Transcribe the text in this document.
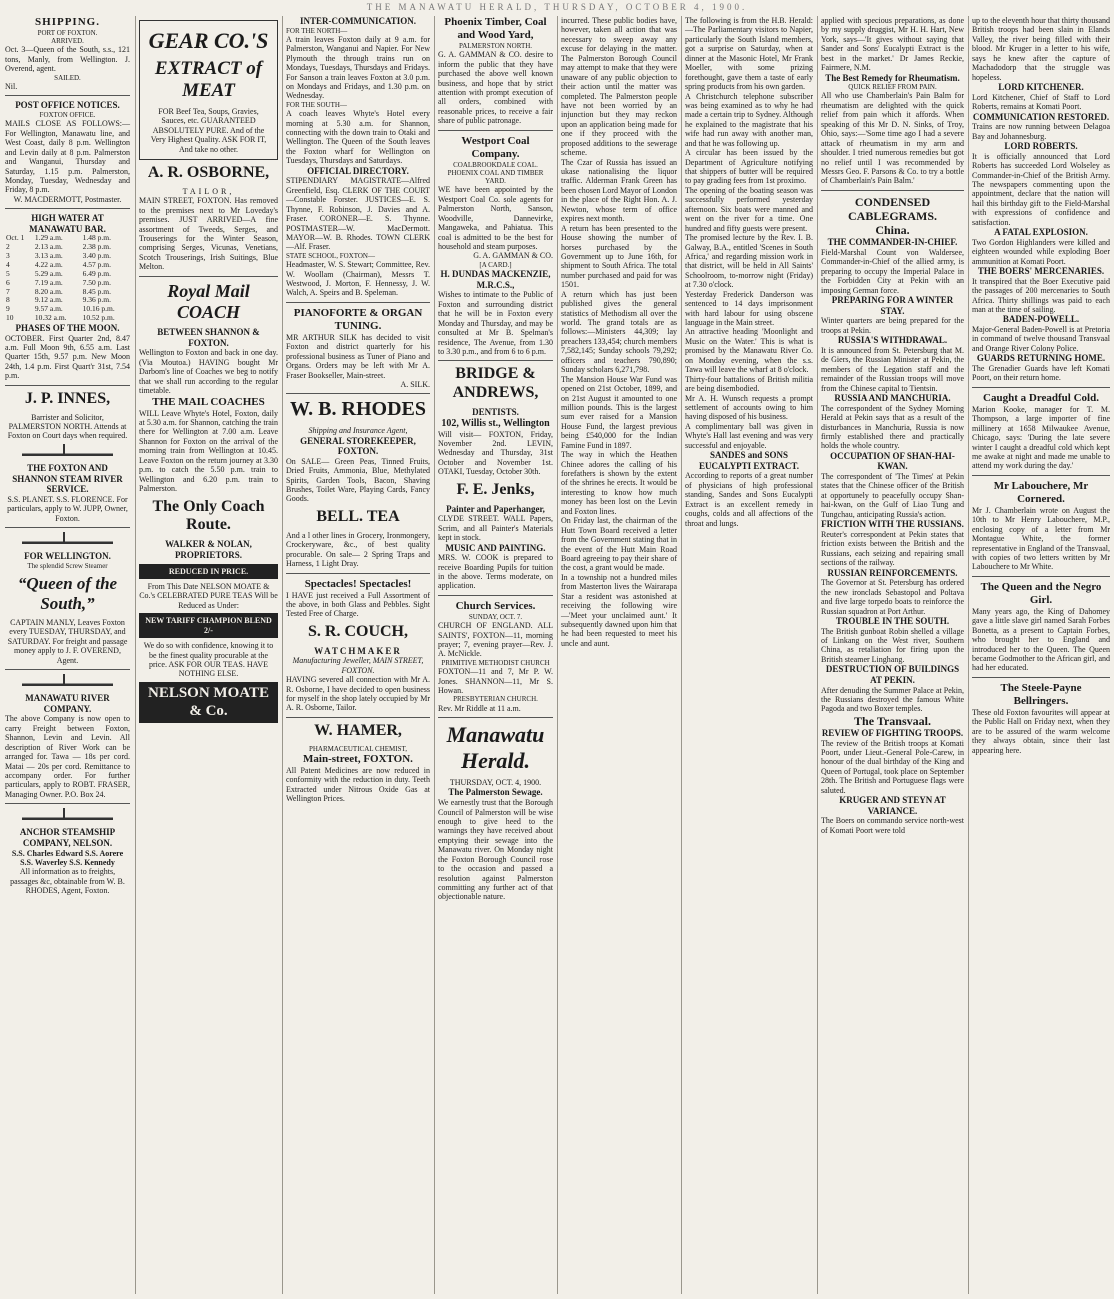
THE MANAWATU HERALD, THURSDAY, OCTOBER 4, 1900.
SHIPPING.
PORT OF FOXTON.
ARRIVED.

Oct. 3—Queen of the South, s.s., 121 tons, Manly, from Wellington. J. Overend, agent.

SAILED.

Nil.

POST OFFICE NOTICES.
FOXTON OFFICE.

MAILS CLOSE AS FOLLOWS:— For Wellington, Manawatu line, and West Coast, daily 8 p.m. Wellington and Levin daily at 8 p.m. Palmerston and Wanganui, Thursday and Saturday, 1.15 p.m. Palmerston, Monday, Tuesday, Wednesday and Friday, 8 p.m.

W. MACDERMOTT, Postmaster.

HIGH WATER AT MANAWATU BAR.
Oct. 1	1.29 a.m.	1.48 p.m.
2	2.13 a.m.	2.38 p.m.
3	3.13 a.m.	3.40 p.m.
4	4.22 a.m.	4.57 p.m.
5	5.29 a.m.	6.49 p.m.
6	7.19 a.m.	7.50 p.m.
7	8.20 a.m.	8.45 p.m.
8	9.12 a.m.	9.36 p.m.
9	9.57 a.m.	10.16 p.m.
10	10.32 a.m.	10.52 p.m.
PHASES OF THE MOON.

OCTOBER. First Quarter 2nd, 8.47 a.m. Full Moon 9th, 6.55 a.m. Last Quarter 15th, 9.57 p.m. New Moon 24th, 1.4 p.m. First Quart'r 31st, 7.54 p.m.

J. P. INNES,

Barrister and Solicitor, PALMERSTON NORTH. Attends at Foxton on Court days when required.

THE FOXTON AND SHANNON STEAM RIVER SERVICE.

S.S. PLANET. S.S. FLORENCE. For particulars, apply to W. JUPP, Owner, Foxton.

FOR WELLINGTON.
The splendid Screw Steamer
“Queen of the South,”

CAPTAIN MANLY, Leaves Foxton every TUESDAY, THURSDAY, and SATURDAY. For freight and passage money apply to J. F. OVEREND, Agent.

MANAWATU RIVER COMPANY.

The above Company is now open to carry Freight between Foxton, Shannon, Levin and Levin. All description of River Work can be arranged for. Tawa — 18s per cord. Matai — 20s per cord. Remittance to accompany order. For further particulars, apply to ROBT. FRASER, Managing Owner. P.O. Box 24.

ANCHOR STEAMSHIP COMPANY, NELSON.

S.S. Charles Edward S.S. Aorere S.S. Waverley S.S. Kennedy

All information as to freights, passages &c, obtainable from W. B. RHODES, Agent, Foxton.

GEAR CO.'S
EXTRACT of MEAT

FOR Beef Tea, Soups, Gravies, Sauces, etc. GUARANTEED ABSOLUTELY PURE. And of the Very Highest Quality. ASK FOR IT, And take no other.

A. R. OSBORNE,
TAILOR,

MAIN STREET, FOXTON. Has removed to the premises next to Mr Loveday's premises. JUST ARRIVED—A fine assortment of Tweeds, Serges, and Trouserings for the Winter Season, comprising Serges, Vicunas, Venetians, Scotch Trouserings, Irish Suitings, Blue Melton.

Royal Mail COACH
BETWEEN SHANNON & FOXTON.

Wellington to Foxton and back in one day. (Via Moutoa.) HAVING bought Mr Darbom's line of Coaches we beg to notify that we shall run according to the regular timetable.

THE MAIL COACHES

WILL Leave Whyte's Hotel, Foxton, daily at 5.30 a.m. for Shannon, catching the train there for Wellington at 7.00 a.m. Leave Shannon for Foxton on the arrival of the morning train from Wellington at 10.45. Leave Foxton on the return journey at 3.30 p.m. to catch the 5.50 p.m. train to Wellington and 6.20 p.m. train to Palmerston.

The Only Coach Route.
WALKER & NOLAN, PROPRIETORS.
REDUCED IN PRICE.

From This Date NELSON MOATE & Co.'s CELEBRATED PURE TEAS Will be Reduced as Under:

NEW TARIFF CHAMPION BLEND 2/-

We do so with confidence, knowing it to be the finest quality procurable at the price. ASK FOR OUR TEAS. HAVE NOTHING ELSE.

NELSON MOATE & Co.
INTER-COMMUNICATION.
FOR THE NORTH—

A train leaves Foxton daily at 9 a.m. for Palmerston, Wanganui and Napier. For New Plymouth the through trains run on Mondays, Tuesdays, Thursdays and Fridays. For Sanson a train leaves Foxton at 3.0 p.m. on Mondays and Fridays, and 1.30 p.m. on Wednesday.

FOR THE SOUTH—

A coach leaves Whyte's Hotel every morning at 5.30 a.m. for Shannon, connecting with the down train to Otaki and Wellington. The Queen of the South leaves the Foxton wharf for Wellington on Tuesdays, Thursdays and Saturdays.

OFFICIAL DIRECTORY.

STIPENDIARY MAGISTRATE—Alfred Greenfield, Esq. CLERK OF THE COURT—Constable Forster. JUSTICES—E. S. Thynne, F. Robinson, J. Davies and A. Fraser. CORONER—E. S. Thynne. POSTMASTER—W. MacDermott. MAYOR—W. B. Rhodes. TOWN CLERK—Alf. Fraser.

STATE SCHOOL, FOXTON—

Headmaster, W. S. Stewart; Committee, Rev. W. Woollam (Chairman), Messrs T. Westwood, J. Morton, F. Hennessy, J. W. Walch, A. Speirs and B. Speleman.

PIANOFORTE & ORGAN TUNING.

MR ARTHUR SILK has decided to visit Foxton and district quarterly for his professional business as Tuner of Piano and Organs. Orders may be left with Mr A. Fraser Bookseller, Main-street.

A. SILK.

W. B. RHODES
Shipping and Insurance Agent,
GENERAL STOREKEEPER, FOXTON.

On SALE— Green Peas, Tinned Fruits, Dried Fruits, Ammonia, Blue, Methylated Spirits, Garden Tools, Bacon, Shaving Brushes, Toilet Ware, Playing Cards, Fancy Goods.

BELL. TEA

And a l other lines in Grocery, Ironmongery, Crockeryware, &c., of best quality procurable. On sale— 2 Spring Traps and Harness, 1 Light Dray.

Spectacles! Spectacles!

I HAVE just received a Full Assortment of the above, in both Glass and Pebbles. Sight Tested Free of Charge.

S. R. COUCH,
WATCHMAKER
Manufacturing Jeweller, MAIN STREET, FOXTON.

HAVING severed all connection with Mr A. R. Osborne, I have decided to open business for myself in the shop lately occupied by Mr A. R. Osborne, Tailor.

W. HAMER,
PHARMACEUTICAL CHEMIST,
Main-street, FOXTON.

All Patent Medicines are now reduced in conformity with the reduction in duty. Teeth Extracted under Nitrous Oxide Gas at Wellington Prices.

Phoenix Timber, Coal and Wood Yard,
PALMERSTON NORTH.

G. A. GAMMAN & CO. desire to inform the public that they have purchased the above well known business, and hope that by strict attention with prompt execution of all orders, combined with reasonable prices, to receive a fair share of public patronage.

Westport Coal Company.
COALBROOKDALE COAL. PHOENIX COAL AND TIMBER YARD.

WE have been appointed by the Westport Coal Co. sole agents for Palmerston North, Sanson, Woodville, Dannevirke, Mangaweka, and Pahiatua. This coal is admitted to be the best for household and steam purposes.

G. A. GAMMAN & CO.

[A CARD.]
H. DUNDAS MACKENZIE, M.R.C.S.,

Wishes to intimate to the Public of Foxton and surrounding district that he will be in Foxton every Monday and Thursday, and may be consulted at Mr B. Spelman's residence, The Avenue, from 1.30 to 3.30 p.m., and from 6 to 6 p.m.

BRIDGE & ANDREWS,
DENTISTS.
102, Willis st., Wellington

Will visit— FOXTON, Friday, November 2nd. LEVIN, Wednesday and Thursday, 31st October and November 1st. OTAKI, Tuesday, October 30th.

F. E. Jenks,
Painter and Paperhanger,

CLYDE STREET. WALL Papers, Scrim, and all Painter's Materials kept in stock.

MUSIC AND PAINTING.

MRS. W. COOK is prepared to receive Boarding Pupils for tuition in the above. Terms moderate, on application.

Church Services.
SUNDAY, OCT. 7.

CHURCH OF ENGLAND. ALL SAINTS', FOXTON—11, morning prayer; 7, evening prayer—Rev. J. A. McNickle.

PRIMITIVE METHODIST CHURCH

FOXTON—11 and 7, Mr P. W. Jones. SHANNON—11, Mr S. Howan.

PRESBYTERIAN CHURCH.

Rev. Mr Riddle at 11 a.m.

Manawatu Herald.
THURSDAY, OCT. 4, 1900.
The Palmerston Sewage.

We earnestly trust that the Borough Council of Palmerston will be wise enough to give heed to the warnings they have received about emptying their sewage into the Manawatu river. On Monday night the Foxton Borough Council rose to the occasion and passed a resolution against Palmerston committing any further act of that objectionable nature.

incurred. These public bodies have, however, taken all action that was necessary to sweep away any excuse for delaying in the matter. The Palmerston Borough Council may attempt to make that they were unaware of any public objection to their action until the matter was completed. The Palmerston people have not been worried by an injunction but they may reckon upon an application being made for one if they proceed with the proposed additions to the sewerage scheme.

The Czar of Russia has issued an ukase nationalising the liquor traffic. Alderman Frank Green has been chosen Lord Mayor of London in the place of the Right Hon. A. J. Newton, whose term of office expires next month.

A return has been presented to the House showing the number of horses purchased by the Government up to June 16th, for shipment to South Africa. The total number purchased and paid for was 1501.

A return which has just been published gives the general statistics of Methodism all over the world. The grand totals are as follows:—Ministers 44,309; lay preachers 133,454; church members 7,582,145; Sunday schools 79,292; officers and teachers 790,890; Sunday scholars 6,271,798.

The Mansion House War Fund was opened on 21st October, 1899, and on 21st August it amounted to one million pounds. This is the largest sum ever raised for a Mansion House Fund, the largest previous being £540,000 for the Indian Famine Fund in 1897.

The way in which the Heathen Chinee adores the calling of his forefathers is shown by the extent of the shrines he erects. It would be interesting to know how much money has been lost on the Levin and Foxton lines.

On Friday last, the chairman of the Hutt Town Board received a letter from the Government stating that in the event of the Hutt Main Road Board agreeing to pay their share of the cost, a grant would be made.

In a township not a hundred miles from Masterton lives the Wairarapa Star a resident was astonished at receiving the following wire—'Meet your unclaimed aunt.' It subsequently dawned upon him that he had been requested to meet his uncle and aunt.

The following is from the H.B. Herald:—The Parliamentary visitors to Napier, particularly the South Island members, got a surprise on Saturday, when at dinner at the Masonic Hotel, Mr Frank Moeller, with some prizing forethought, gave them a taste of early spring products from his own garden.

A Christchurch telephone subscriber was being examined as to why he had made a certain trip to Sydney. Although he explained to the magistrate that his wife had run away with another man, and that he was following up.

A circular has been issued by the Department of Agriculture notifying that shippers of butter will be required to pay grading fees from 1st proximo.

The opening of the boating season was successfully performed yesterday afternoon. Six boats were manned and went on the river for a time. One hundred and fifty guests were present.

The promised lecture by the Rev. I. B. Galway, B.A., entitled 'Scenes in South Africa,' and regarding mission work in that district, will be held in All Saints' Schoolroom, to-morrow night (Friday) at 7.30 o'clock.

Yesterday Frederick Danderson was sentenced to 14 days imprisonment with hard labour for using obscene language in the Main street.

An attractive heading 'Moonlight and Music on the Water.' This is what is promised by the Manawatu River Co. on Monday evening, when the s.s. Tawa will leave the wharf at 8 o'clock.

Thirty-four battalions of British militia are being disembodied.

Mr A. H. Wunsch requests a prompt settlement of accounts owing to him having disposed of his business.

A complimentary ball was given in Whyte's Hall last evening and was very successful and enjoyable.

SANDES and SONS EUCALYPTI EXTRACT.

According to reports of a great number of physicians of high professional standing, Sandes and Sons Eucalypti Extract is an excellent remedy in coughs, colds and all affections of the throat and lungs.

applied with specious preparations, as done by my supply druggist, Mr H. H. Hart, New York, says—'It gives without saying that Sander and Sons' Eucalypti Extract is the best in the market.' Dr James Reckie, Fairmere, N.M.

The Best Remedy for Rheumatism.
QUICK RELIEF FROM PAIN.

All who use Chamberlain's Pain Balm for rheumatism are delighted with the quick relief from pain which it affords. When speaking of this Mr D. N. Sinks, of Troy, Ohio, says:—'Some time ago I had a severe attack of rheumatism in my arm and shoulder. I tried numerous remedies but got no relief until I was recommended by Messrs Geo. F. Parsons & Co. to try a bottle of Chamberlain's Pain Balm.'

CONDENSED CABLEGRAMS.
China.
THE COMMANDER-IN-CHIEF.

Field-Marshal Count von Waldersee, Commander-in-Chief of the allied army, is preparing to occupy the Imperial Palace in the Forbidden City at Pekin with an imposing German force.

PREPARING FOR A WINTER STAY.

Winter quarters are being prepared for the troops at Pekin.

RUSSIA'S WITHDRAWAL.

It is announced from St. Petersburg that M. de Giers, the Russian Minister at Pekin, the members of the Legation staff and the remainder of the Russian troops will move from the Chinese capital to Tientsin.

RUSSIA AND MANCHURIA.

The correspondent of the Sydney Morning Herald at Pekin says that as a result of the disturbances in Manchuria, Russia is now firmly established there and practically holds the whole country.

OCCUPATION OF SHAN-HAI-KWAN.

The correspondent of 'The Times' at Pekin states that the Chinese officer of the British at opportunely to peacefully occupy Shan-hai-kwan, on the Gulf of Liao Tung and Tungchau, anticipating Russia's action.

FRICTION WITH THE RUSSIANS.

Reuter's correspondent at Pekin states that friction exists between the British and the Russians, each seizing and repairing small sections of the railway.

RUSSIAN REINFORCEMENTS.

The Governor at St. Petersburg has ordered the new ironclads Sebastopol and Poltava and five large torpedo boats to reinforce the Russian squadron at Port Arthur.

TROUBLE IN THE SOUTH.

The British gunboat Robin shelled a village of Linkang on the West river, Southern China, as retaliation for firing upon the British steamer Linghang.

DESTRUCTION OF BUILDINGS AT PEKIN.

After denuding the Summer Palace at Pekin, the Russians destroyed the famous White Pagoda and two Boxer temples.

The Transvaal.
REVIEW OF FIGHTING TROOPS.

The review of the British troops at Komati Poort, under Lieut.-General Pole-Carew, in honour of the dual birthday of the King and Queen of Portugal, took place on September 28th. The British and Portuguese flags were saluted.

KRUGER AND STEYN AT VARIANCE.

The Boers on commando service north-west of Komati Poort were told

up to the eleventh hour that thirty thousand British troops had been slain in Elands Valley, the river being filled with their blood. Mr Kruger in a letter to his wife, says he knew after the capture of Machadodorp that the struggle was hopeless.

LORD KITCHENER.

Lord Kitchener, Chief of Staff to Lord Roberts, remains at Komati Poort.

COMMUNICATION RESTORED.

Trains are now running between Delagoa Bay and Johannesburg.

LORD ROBERTS.

It is officially announced that Lord Roberts has succeeded Lord Wolseley as Commander-in-Chief of the British Army. The newspapers commenting upon the appointment, declare that the nation will hail this birthday gift to the Field-Marshal with expressions of confidence and satisfaction.

A FATAL EXPLOSION.

Two Gordon Highlanders were killed and eighteen wounded while exploding Boer ammunition at Komati Poort.

THE BOERS' MERCENARIES.

It transpired that the Boer Executive paid the passages of 200 mercenaries to South Africa. Thirty shillings was paid to each man at the time of sailing.

BADEN-POWELL.

Major-General Baden-Powell is at Pretoria in command of twelve thousand Transvaal and Orange River Colony Police.

GUARDS RETURNING HOME.

The Grenadier Guards have left Komati Poort, on their return home.

Caught a Dreadful Cold.

Marion Kooke, manager for T. M. Thompson, a large importer of fine millinery at 1658 Milwaukee Avenue, Chicago, says: 'During the late severe winter I caught a dreadful cold which kept me awake at night and made me unable to attend my work during the day.'

Mr Labouchere, Mr Cornered.

Mr J. Chamberlain wrote on August the 10th to Mr Henry Labouchere, M.P., enclosing copy of a letter from Mr Montague White, the former representative in England of the Transvaal, with copies of two letters written by Mr Labouchere to Mr White.

The Queen and the Negro Girl.

Many years ago, the King of Dahomey gave a little slave girl named Sarah Forbes Bonetta, as a present to Captain Forbes, who brought her to England and introduced her to the Queen. The Queen became Godmother to the African girl, and had her educated.

The Steele-Payne Bellringers.

These old Foxton favourites will appear at the Public Hall on Friday next, when they are to be assured of the warm welcome they always obtain, since their last appearing here.
